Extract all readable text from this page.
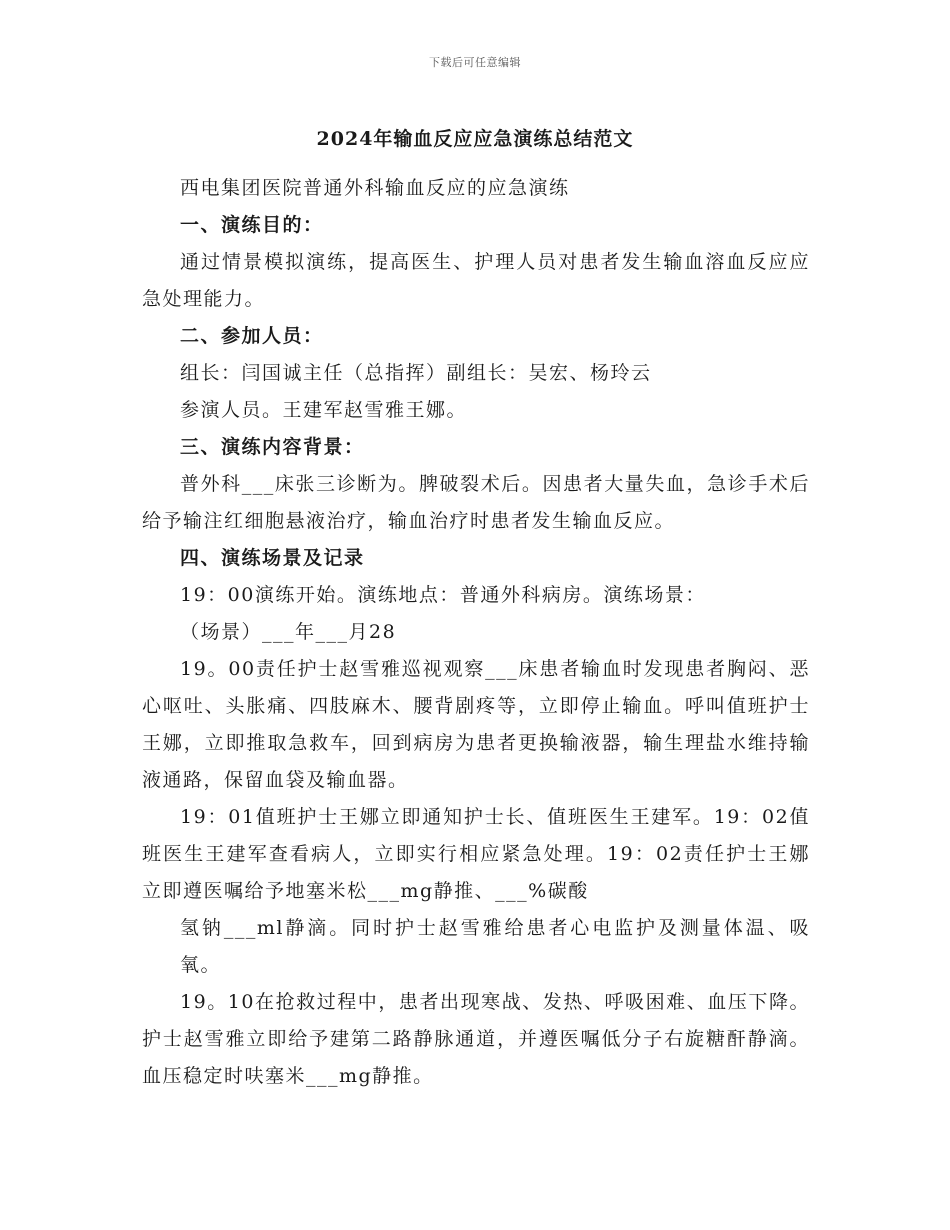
下载后可任意编辑
2024年输血反应应急演练总结范文

西电集团医院普通外科输血反应的应急演练

一、演练目的：

通过情景模拟演练，提高医生、护理人员对患者发生输血溶血反应应急处理能力。

二、参加人员：

组长：闫国诚主任（总指挥）副组长：吴宏、杨玲云

参演人员。王建军赵雪雅王娜。

三、演练内容背景：

普外科___床张三诊断为。脾破裂术后。因患者大量失血，急诊手术后给予输注红细胞悬液治疗，输血治疗时患者发生输血反应。

四、演练场景及记录

19：00演练开始。演练地点：普通外科病房。演练场景：

（场景）___年___月28

19。00责任护士赵雪雅巡视观察___床患者输血时发现患者胸闷、恶心呕吐、头胀痛、四肢麻木、腰背剧疼等，立即停止输血。呼叫值班护士王娜，立即推取急救车，回到病房为患者更换输液器，输生理盐水维持输液通路，保留血袋及输血器。

19：01值班护士王娜立即通知护士长、值班医生王建军。19：02值班医生王建军查看病人，立即实行相应紧急处理。19：02责任护士王娜立即遵医嘱给予地塞米松___mg静推、___%碳酸

氢钠___ml静滴。同时护士赵雪雅给患者心电监护及测量体温、吸氧。

19。10在抢救过程中，患者出现寒战、发热、呼吸困难、血压下降。护士赵雪雅立即给予建第二路静脉通道，并遵医嘱低分子右旋糖酐静滴。血压稳定时呋塞米___mg静推。
